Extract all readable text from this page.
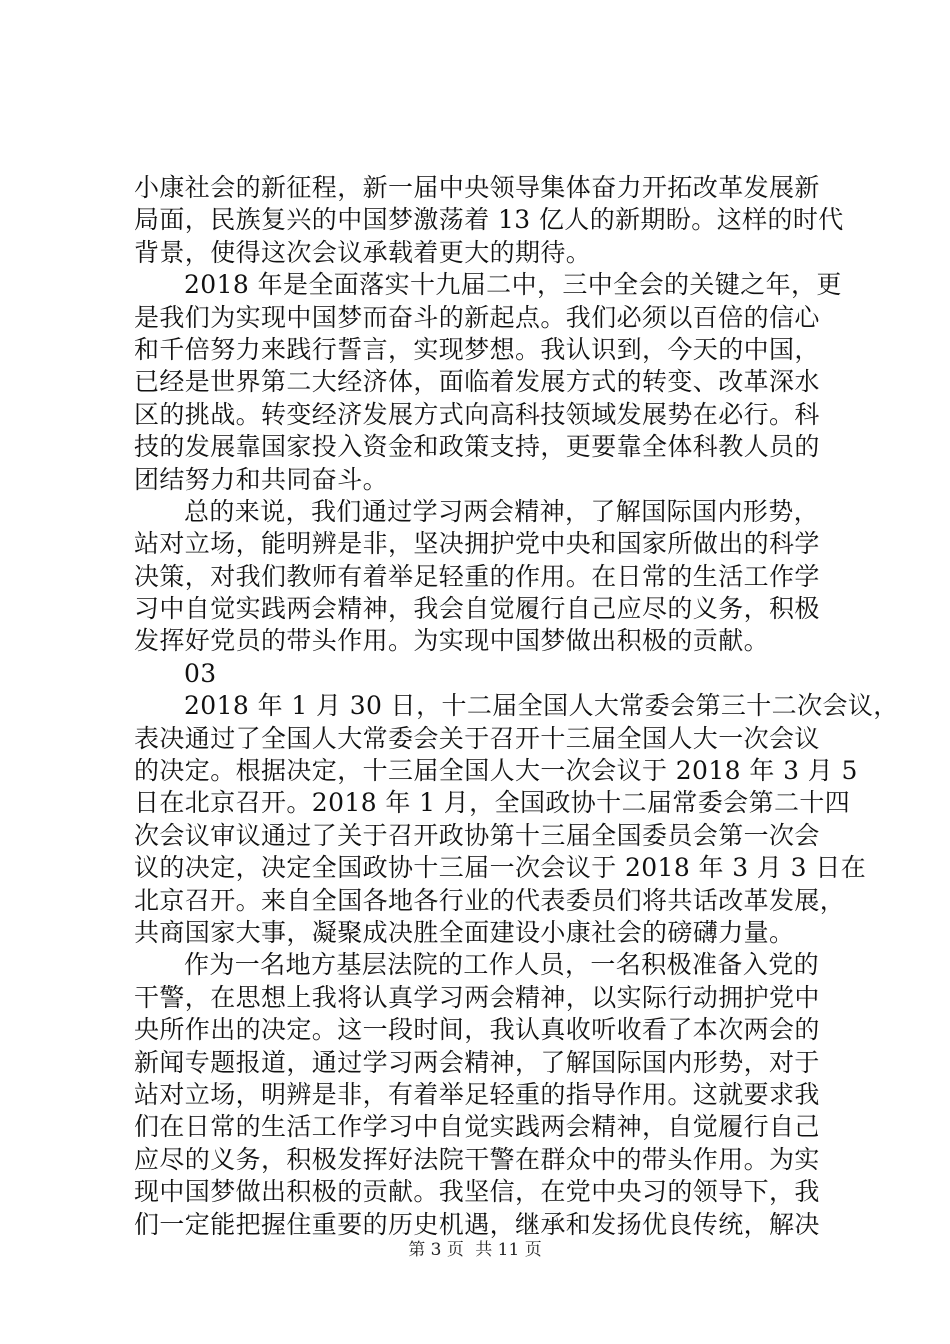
小康社会的新征程，新一届中央领导集体奋力开拓改革发展新
局面，民族复兴的中国梦激荡着 13 亿人的新期盼。这样的时代
背景，使得这次会议承载着更大的期待。
2018 年是全面落实十九届二中，三中全会的关键之年，更
是我们为实现中国梦而奋斗的新起点。我们必须以百倍的信心
和千倍努力来践行誓言，实现梦想。我认识到，今天的中国，
已经是世界第二大经济体，面临着发展方式的转变、改革深水
区的挑战。转变经济发展方式向高科技领域发展势在必行。科
技的发展靠国家投入资金和政策支持，更要靠全体科教人员的
团结努力和共同奋斗。
总的来说，我们通过学习两会精神，了解国际国内形势，
站对立场，能明辨是非，坚决拥护党中央和国家所做出的科学
决策，对我们教师有着举足轻重的作用。在日常的生活工作学
习中自觉实践两会精神，我会自觉履行自己应尽的义务，积极
发挥好党员的带头作用。为实现中国梦做出积极的贡献。
03
2018 年 1 月 30 日，十二届全国人大常委会第三十二次会议，
表决通过了全国人大常委会关于召开十三届全国人大一次会议
的决定。根据决定，十三届全国人大一次会议于 2018 年 3 月 5
日在北京召开。2018 年 1 月，全国政协十二届常委会第二十四
次会议审议通过了关于召开政协第十三届全国委员会第一次会
议的决定，决定全国政协十三届一次会议于 2018 年 3 月 3 日在
北京召开。来自全国各地各行业的代表委员们将共话改革发展，
共商国家大事，凝聚成决胜全面建设小康社会的磅礴力量。
作为一名地方基层法院的工作人员，一名积极准备入党的
干警，在思想上我将认真学习两会精神，以实际行动拥护党中
央所作出的决定。这一段时间，我认真收听收看了本次两会的
新闻专题报道，通过学习两会精神，了解国际国内形势，对于
站对立场，明辨是非，有着举足轻重的指导作用。这就要求我
们在日常的生活工作学习中自觉实践两会精神，自觉履行自己
应尽的义务，积极发挥好法院干警在群众中的带头作用。为实
现中国梦做出积极的贡献。我坚信，在党中央习的领导下，我
们一定能把握住重要的历史机遇，继承和发扬优良传统，解决
第 3 页 共 11 页
